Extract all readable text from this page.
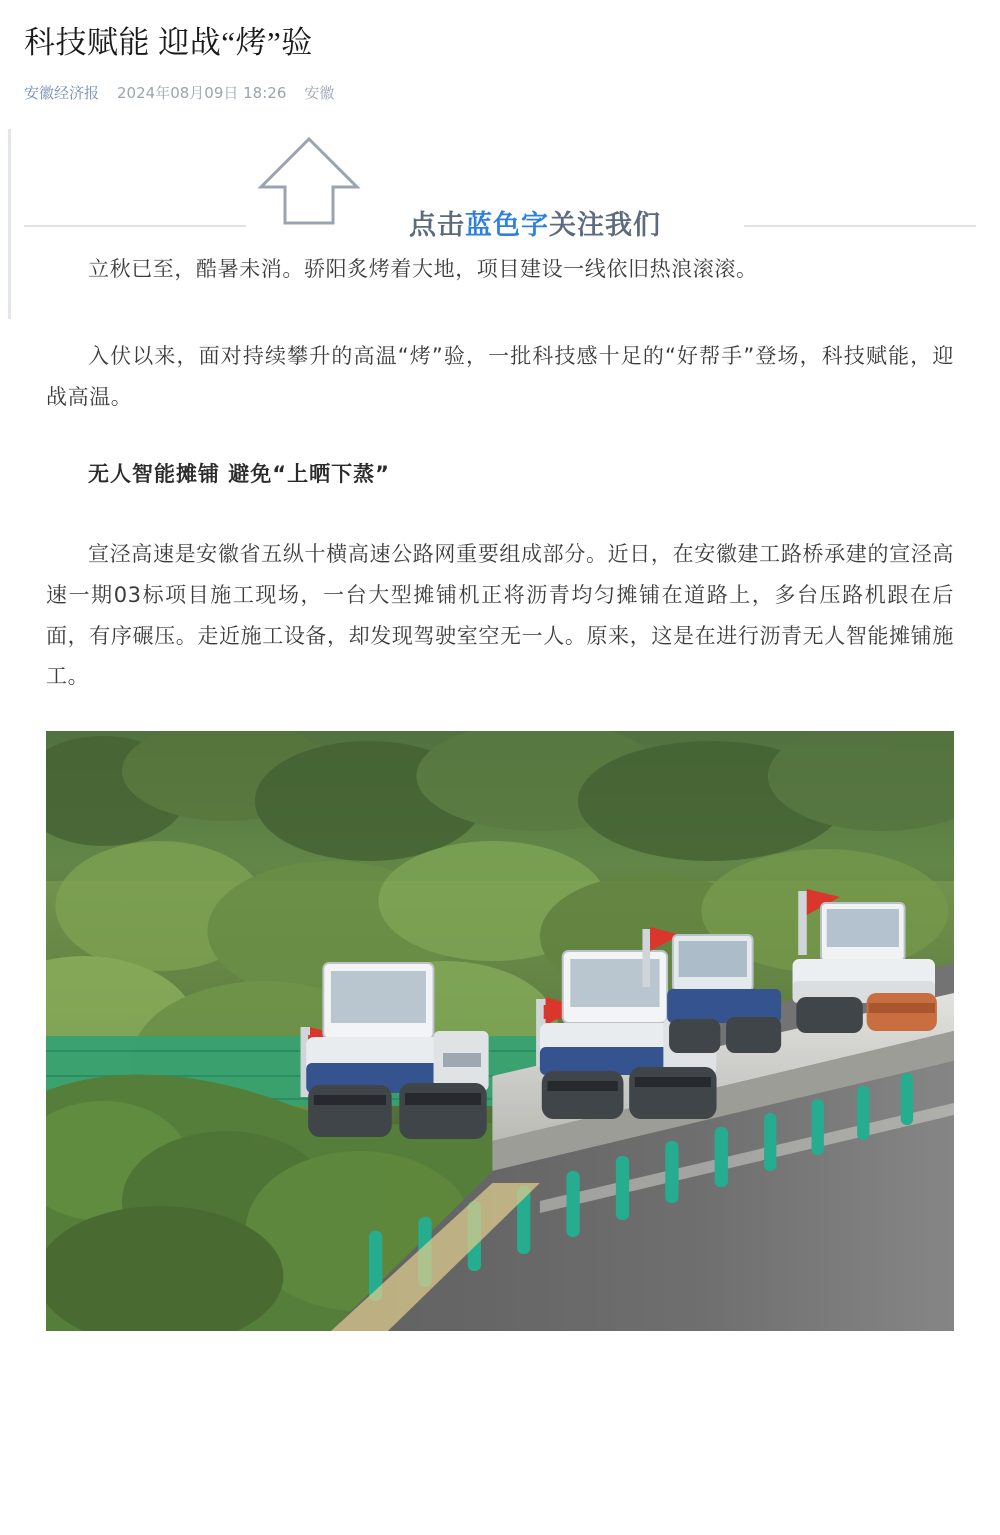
科技赋能 迎战“烤”验
安徽经济报 2024年08月09日 18:26 安徽
点击蓝色字关注我们

立秋已至，酷暑未消。骄阳炙烤着大地，项目建设一线依旧热浪滚滚。

入伏以来，面对持续攀升的高温“烤”验，一批科技感十足的“好帮手”登场，科技赋能，迎战高温。

无人智能摊铺 避免“上晒下蒸”

宣泾高速是安徽省五纵十横高速公路网重要组成部分。近日，在安徽建工路桥承建的宣泾高速一期03标项目施工现场，一台大型摊铺机正将沥青均匀摊铺在道路上，多台压路机跟在后面，有序碾压。走近施工设备，却发现驾驶室空无一人。原来，这是在进行沥青无人智能摊铺施工。
